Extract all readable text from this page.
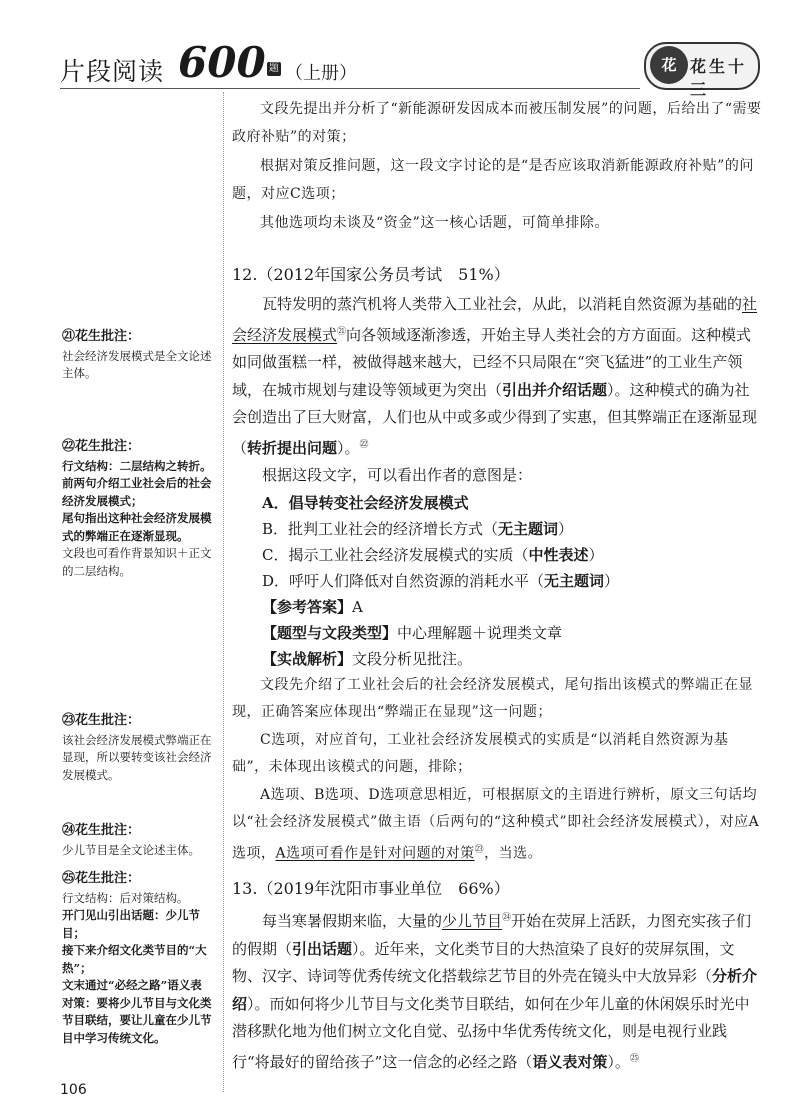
片段阅读 600 题 （上册）	花 花生十三

文段先提出并分析了“新能源研发因成本而被压制发展”的问题，后给出了“需要政府补贴”的对策；

根据对策反推问题，这一段文字讨论的是“是否应该取消新能源政府补贴”的问题，对应C选项；

其他选项均未谈及“资金”这一核心话题，可简单排除。

12.（2012年国家公务员考试　51%）

瓦特发明的蒸汽机将人类带入工业社会，从此，以消耗自然资源为基础的社会经济发展模式$^㉑$向各领域逐渐渗透，开始主导人类社会的方方面面。这种模式如同做蛋糕一样，被做得越来越大，已经不只局限在“突飞猛进”的工业生产领域，在城市规划与建设等领域更为突出（引出并介绍话题）。这种模式的确为社会创造出了巨大财富，人们也从中或多或少得到了实惠，但其弊端正在逐渐显现（转折提出问题）。$^㉒$

根据这段文字，可以看出作者的意图是：

A．倡导转变社会经济发展模式

B．批判工业社会的经济增长方式（无主题词）

C．揭示工业社会经济发展模式的实质（中性表述）

D．呼吁人们降低对自然资源的消耗水平（无主题词）

【参考答案】A

【题型与文段类型】中心理解题＋说理类文章

【实战解析】文段分析见批注。

文段先介绍了工业社会后的社会经济发展模式，尾句指出该模式的弊端正在显现，正确答案应体现出“弊端正在显现”这一问题；

C选项，对应首句，工业社会经济发展模式的实质是“以消耗自然资源为基础”，未体现出该模式的问题，排除；

A选项、B选项、D选项意思相近，可根据原文的主语进行辨析，原文三句话均以“社会经济发展模式”做主语（后两句的“这种模式”即社会经济发展模式），对应A选项，A选项可看作是针对问题的对策$^㉓$，当选。

13.（2019年沈阳市事业单位　66%）

每当寒暑假期来临，大量的少儿节目$^㉔$开始在荧屏上活跃，力图充实孩子们的假期（引出话题）。近年来，文化类节目的大热渲染了良好的荧屏氛围，文物、汉字、诗词等优秀传统文化搭载综艺节目的外壳在镜头中大放异彩（分析介绍）。而如何将少儿节目与文化类节目联结，如何在少年儿童的休闲娱乐时光中潜移默化地为他们树立文化自觉、弘扬中华优秀传统文化，则是电视行业践行“将最好的留给孩子”这一信念的必经之路（语义表对策）。$^㉕$

㉑花生批注：

社会经济发展模式是全文论述主体。

㉒花生批注：

行文结构：二层结构之转折。

前两句介绍工业社会后的社会经济发展模式；

尾句指出这种社会经济发展模式的弊端正在逐渐显现。

文段也可看作背景知识＋正文的二层结构。

㉓花生批注：

该社会经济发展模式弊端正在显现，所以要转变该社会经济发展模式。

㉔花生批注：

少儿节目是全文论述主体。

㉕花生批注：

行文结构：后对策结构。

开门见山引出话题：少儿节目；

接下来介绍文化类节目的“大热”；

文末通过“必经之路”语义表对策：要将少儿节目与文化类节目联结，要让儿童在少儿节目中学习传统文化。

106
